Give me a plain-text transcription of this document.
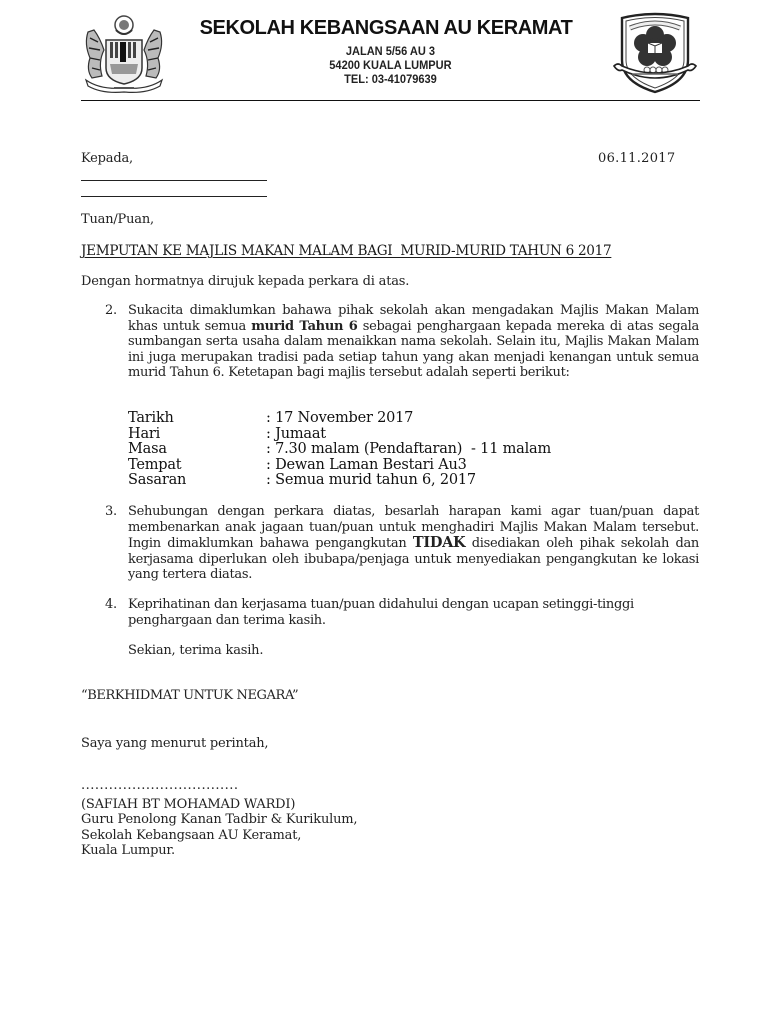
SEKOLAH KEBANGSAAN AU KERAMAT
JALAN 5/56 AU 3
54200 KUALA LUMPUR
TEL: 03-41079639
Kepada,	06.11.2017
Tuan/Puan,
JEMPUTAN KE MAJLIS MAKAN MALAM BAGI  MURID-MURID TAHUN 6 2017
Dengan hormatnya dirujuk kepada perkara di atas.
2. Sukacita dimaklumkan bahawa pihak sekolah akan mengadakan Majlis Makan Malam khas untuk semua murid Tahun 6 sebagai penghargaan kepada mereka di atas segala sumbangan serta usaha dalam menaikkan nama sekolah. Selain itu, Majlis Makan Malam ini juga merupakan tradisi pada setiap tahun yang akan menjadi kenangan untuk semua murid Tahun 6. Ketetapan bagi majlis tersebut adalah seperti berikut:
Tarikh	: 17 November 2017
Hari	: Jumaat
Masa	: 7.30 malam (Pendaftaran)  - 11 malam
Tempat	: Dewan Laman Bestari Au3
Sasaran	: Semua murid tahun 6, 2017
3. Sehubungan dengan perkara diatas, besarlah harapan kami agar tuan/puan dapat membenarkan anak jagaan tuan/puan untuk menghadiri Majlis Makan Malam tersebut. Ingin dimaklumkan bahawa pengangkutan TIDAK disediakan oleh pihak sekolah dan kerjasama diperlukan oleh ibubapa/penjaga untuk menyediakan pengangkutan ke lokasi yang tertera diatas.
4. Keprihatinan dan kerjasama tuan/puan didahului dengan ucapan setinggi-tinggi penghargaan dan terima kasih.
Sekian, terima kasih.
“BERKHIDMAT UNTUK NEGARA”
Saya yang menurut perintah,
..................................
(SAFIAH BT MOHAMAD WARDI)
Guru Penolong Kanan Tadbir & Kurikulum,
Sekolah Kebangsaan AU Keramat,
Kuala Lumpur.
